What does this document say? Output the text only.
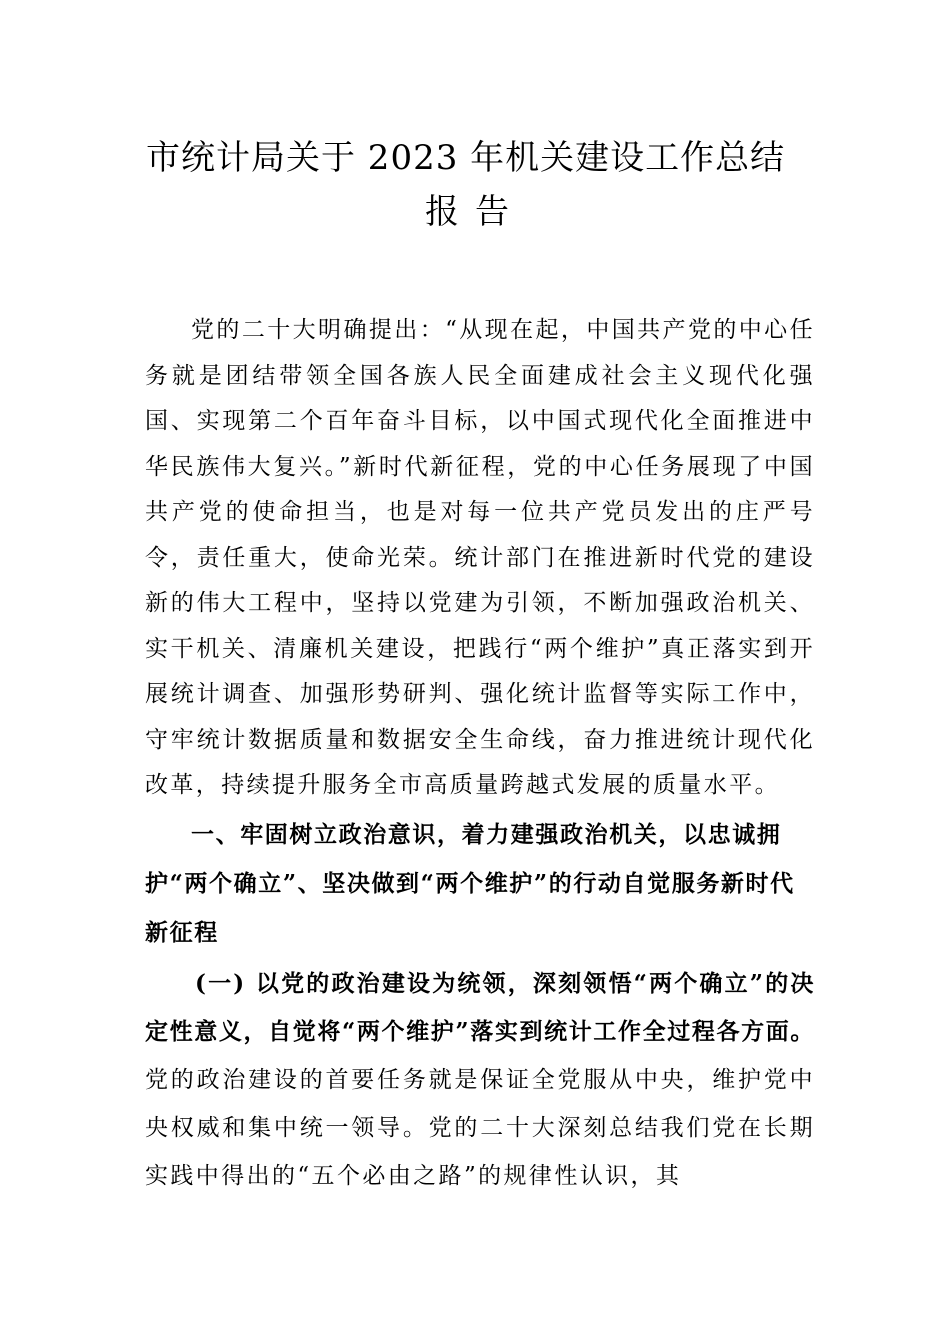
市统计局关于 2023 年机关建设工作总结
报告

党的二十大明确提出：“从现在起，中国共产党的中心任务就是团结带领全国各族人民全面建成社会主义现代化强国、实现第二个百年奋斗目标，以中国式现代化全面推进中华民族伟大复兴。”新时代新征程，党的中心任务展现了中国共产党的使命担当，也是对每一位共产党员发出的庄严号令，责任重大，使命光荣。统计部门在推进新时代党的建设新的伟大工程中，坚持以党建为引领，不断加强政治机关、实干机关、清廉机关建设，把践行“两个维护”真正落实到开展统计调查、加强形势研判、强化统计监督等实际工作中，守牢统计数据质量和数据安全生命线，奋力推进统计现代化改革，持续提升服务全市高质量跨越式发展的质量水平。

一、牢固树立政治意识，着力建强政治机关，以忠诚拥护“两个确立”、坚决做到“两个维护”的行动自觉服务新时代新征程

(一) 以党的政治建设为统领，深刻领悟“两个确立”的决定性意义，自觉将“两个维护”落实到统计工作全过程各方面。 党的政治建设的首要任务就是保证全党服从中央，维护党中央权威和集中统一领导。党的二十大深刻总结我们党在长期实践中得出的“五个必由之路”的规律性认识，其
